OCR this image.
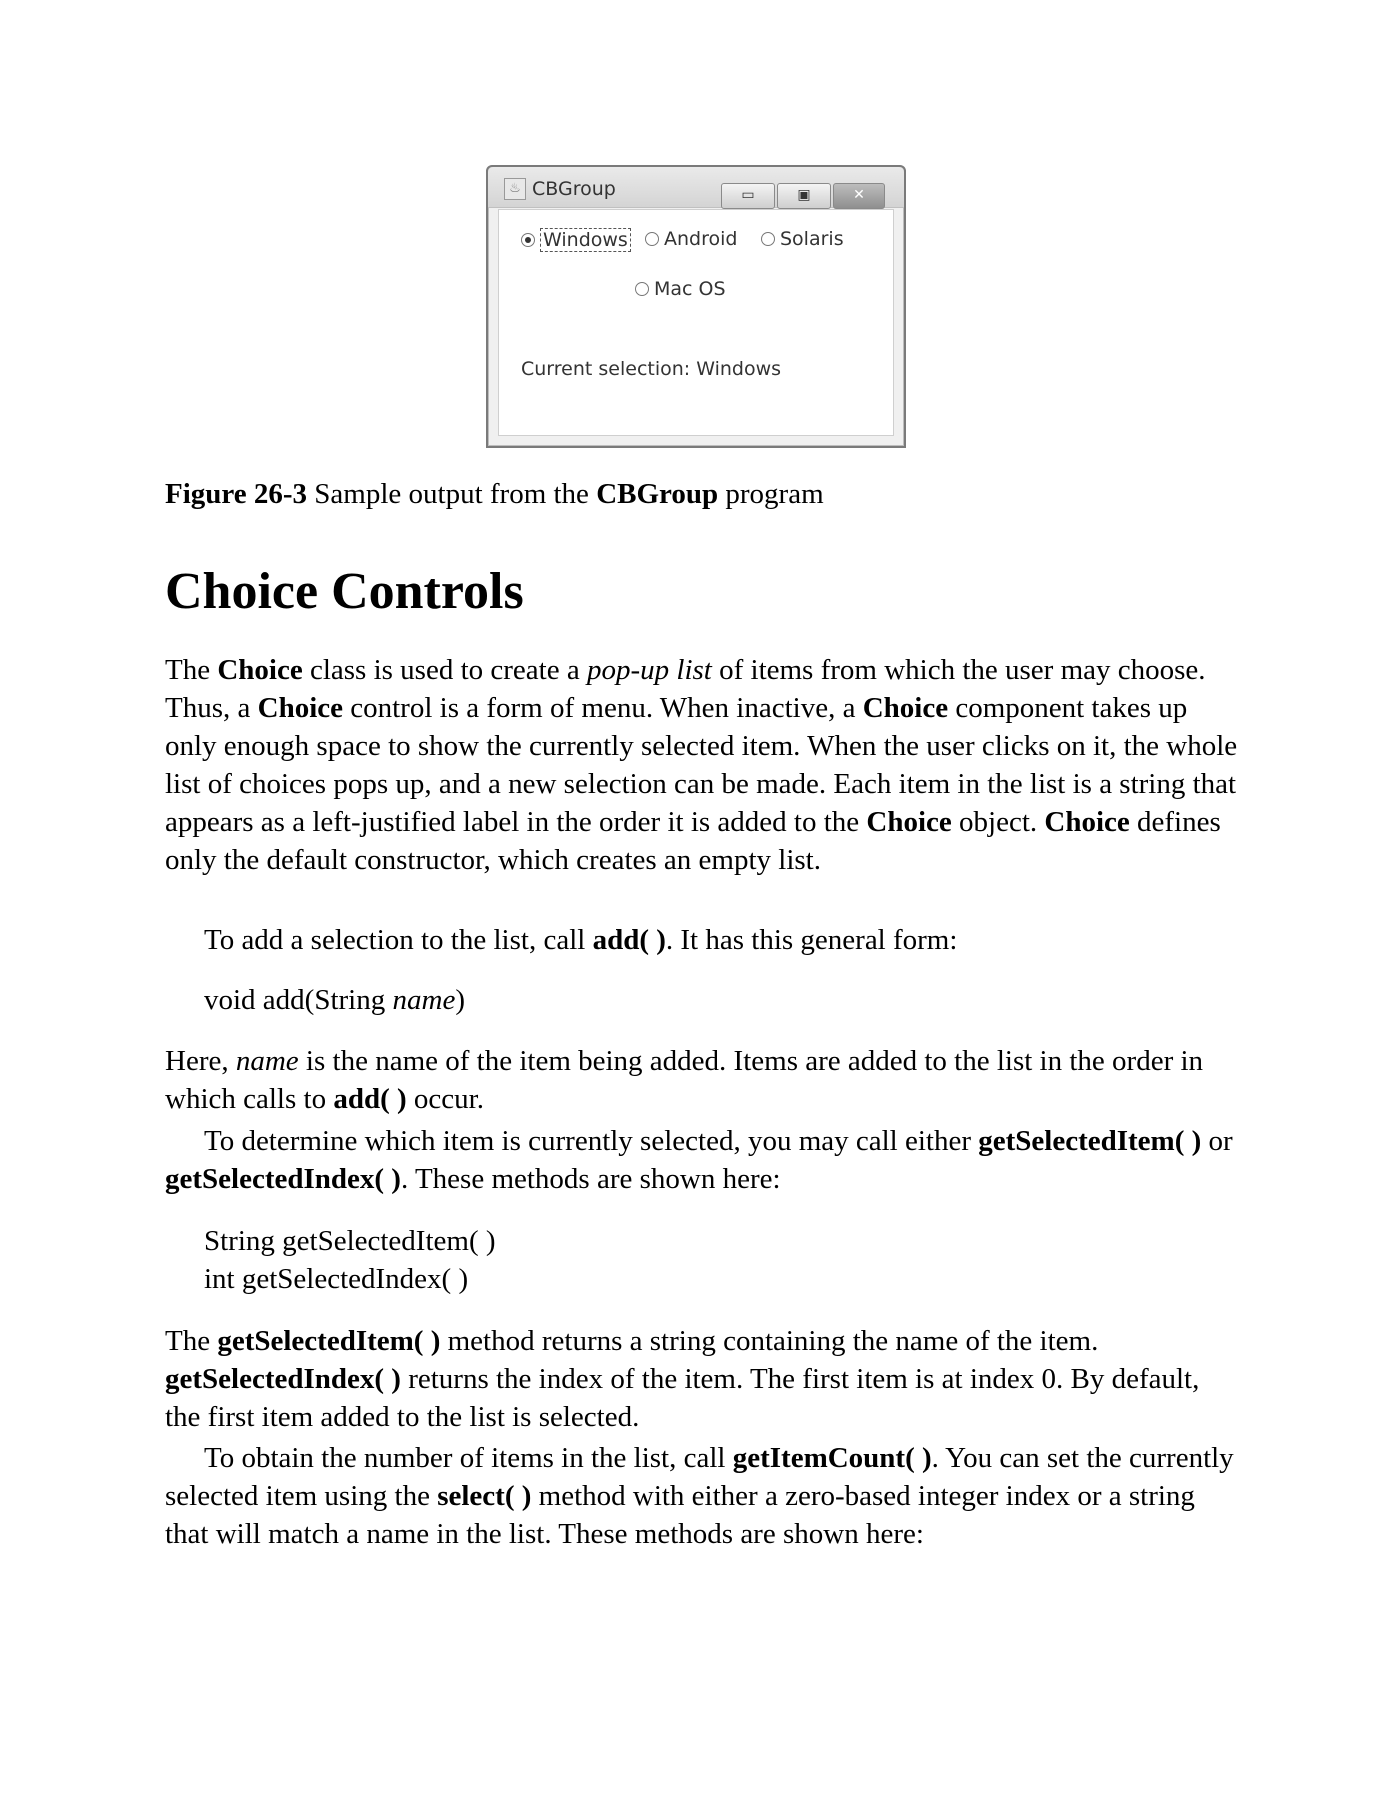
♨ CBGroup	▭	▣	✕
Windows Android Solaris
Mac OS
Current selection: Windows
Figure 26-3 Sample output from the CBGroup program
Choice Controls

The Choice class is used to create a pop-up list of items from which the user may choose. Thus, a Choice control is a form of menu. When inactive, a Choice component takes up only enough space to show the currently selected item. When the user clicks on it, the whole list of choices pops up, and a new selection can be made. Each item in the list is a string that appears as a left-justified label in the order it is added to the Choice object. Choice defines only the default constructor, which creates an empty list.

To add a selection to the list, call add( ). It has this general form:

void add(String name)

Here, name is the name of the item being added. Items are added to the list in the order in which calls to add( ) occur.

To determine which item is currently selected, you may call either getSelectedItem( ) or getSelectedIndex( ). These methods are shown here:

String getSelectedItem( )
int getSelectedIndex( )

The getSelectedItem( ) method returns a string containing the name of the item. getSelectedIndex( ) returns the index of the item. The first item is at index 0. By default, the first item added to the list is selected.

To obtain the number of items in the list, call getItemCount( ). You can set the currently selected item using the select( ) method with either a zero-based integer index or a string that will match a name in the list. These methods are shown here:
